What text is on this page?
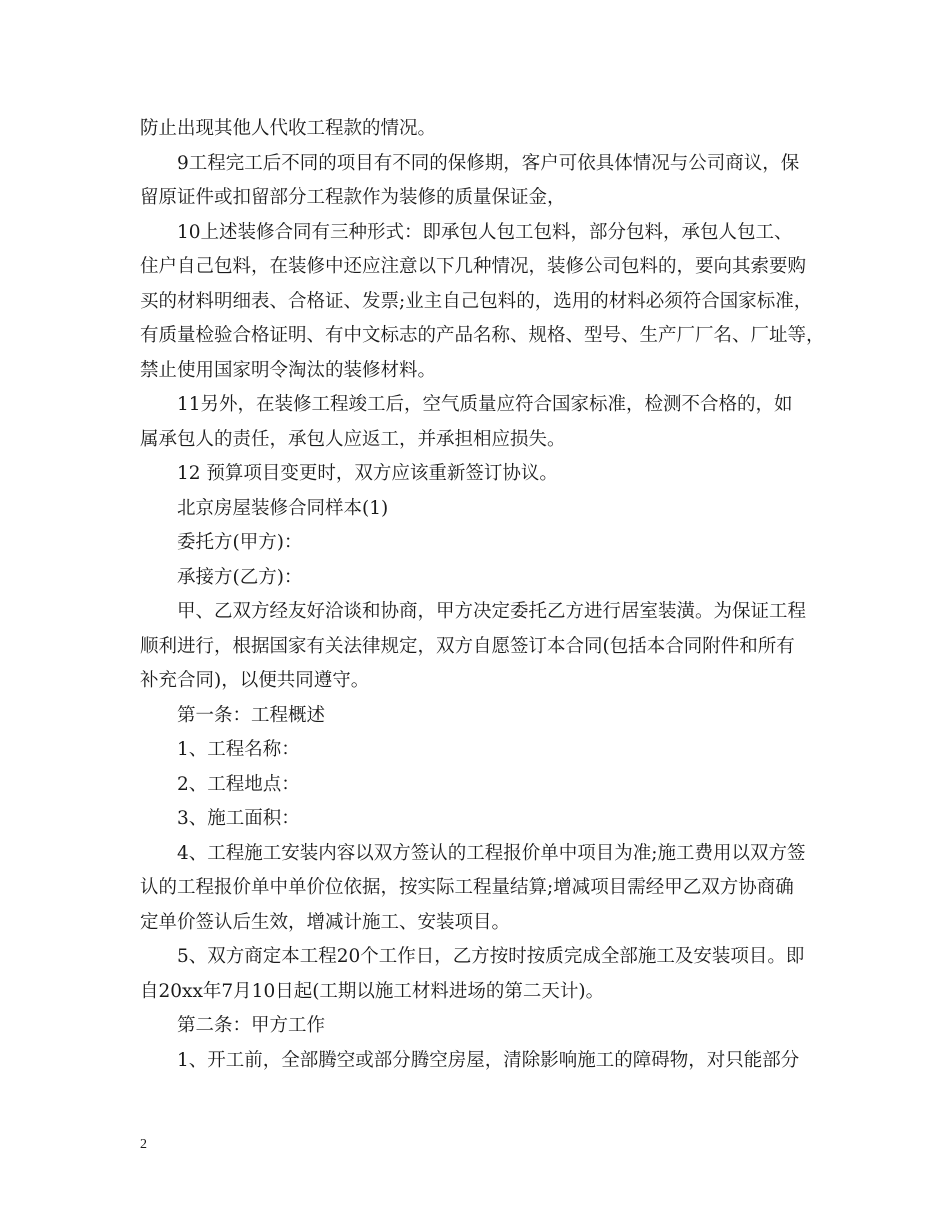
防止出现其他人代收工程款的情况。

9工程完工后不同的项目有不同的保修期，客户可依具体情况与公司商议，保

留原证件或扣留部分工程款作为装修的质量保证金，

10上述装修合同有三种形式：即承包人包工包料，部分包料，承包人包工、

住户自己包料，在装修中还应注意以下几种情况，装修公司包料的，要向其索要购

买的材料明细表、合格证、发票;业主自己包料的，选用的材料必须符合国家标准，

有质量检验合格证明、有中文标志的产品名称、规格、型号、生产厂厂名、厂址等，

禁止使用国家明令淘汰的装修材料。

11另外，在装修工程竣工后，空气质量应符合国家标准，检测不合格的，如

属承包人的责任，承包人应返工，并承担相应损失。

12 预算项目变更时，双方应该重新签订协议。

北京房屋装修合同样本(1)

委托方(甲方)：

承接方(乙方)：

甲、乙双方经友好洽谈和协商，甲方决定委托乙方进行居室装潢。为保证工程

顺利进行，根据国家有关法律规定，双方自愿签订本合同(包括本合同附件和所有

补充合同)，以便共同遵守。

第一条：工程概述

1、工程名称：

2、工程地点：

3、施工面积：

4、工程施工安装内容以双方签认的工程报价单中项目为准;施工费用以双方签

认的工程报价单中单价位依据，按实际工程量结算;增减项目需经甲乙双方协商确

定单价签认后生效，增减计施工、安装项目。

5、双方商定本工程20个工作日，乙方按时按质完成全部施工及安装项目。即

自20xx年7月10日起(工期以施工材料进场的第二天计)。

第二条：甲方工作

1、开工前，全部腾空或部分腾空房屋，清除影响施工的障碍物，对只能部分

2
